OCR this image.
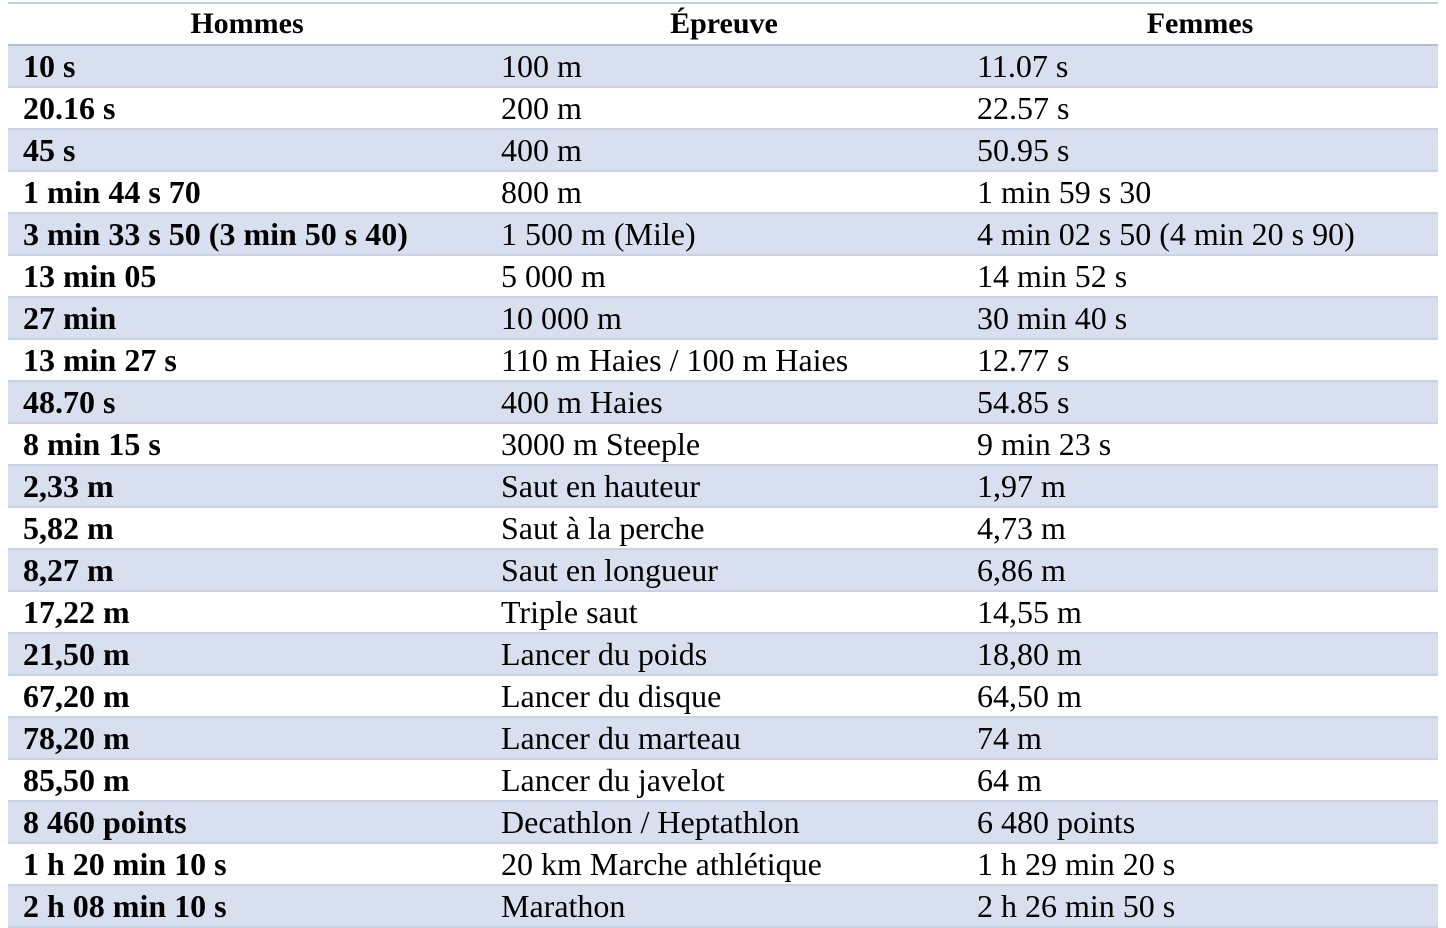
Hommes	Épreuve	Femmes
10 s	100 m	11.07 s
20.16 s	200 m	22.57 s
45 s	400 m	50.95 s
1 min 44 s 70	800 m	1 min 59 s 30
3 min 33 s 50 (3 min 50 s 40)	1 500 m (Mile)	4 min 02 s 50 (4 min 20 s 90)
13 min 05	5 000 m	14 min 52 s
27 min	10 000 m	30 min 40 s
13 min 27 s	110 m Haies / 100 m Haies	12.77 s
48.70 s	400 m Haies	54.85 s
8 min 15 s	3000 m Steeple	9 min 23 s
2,33 m	Saut en hauteur	1,97 m
5,82 m	Saut à la perche	4,73 m
8,27 m	Saut en longueur	6,86 m
17,22 m	Triple saut	14,55 m
21,50 m	Lancer du poids	18,80 m
67,20 m	Lancer du disque	64,50 m
78,20 m	Lancer du marteau	74 m
85,50 m	Lancer du javelot	64 m
8 460 points	Decathlon / Heptathlon	6 480 points
1 h 20 min 10 s	20 km Marche athlétique	1 h 29 min 20 s
2 h 08 min 10 s	Marathon	2 h 26 min 50 s
